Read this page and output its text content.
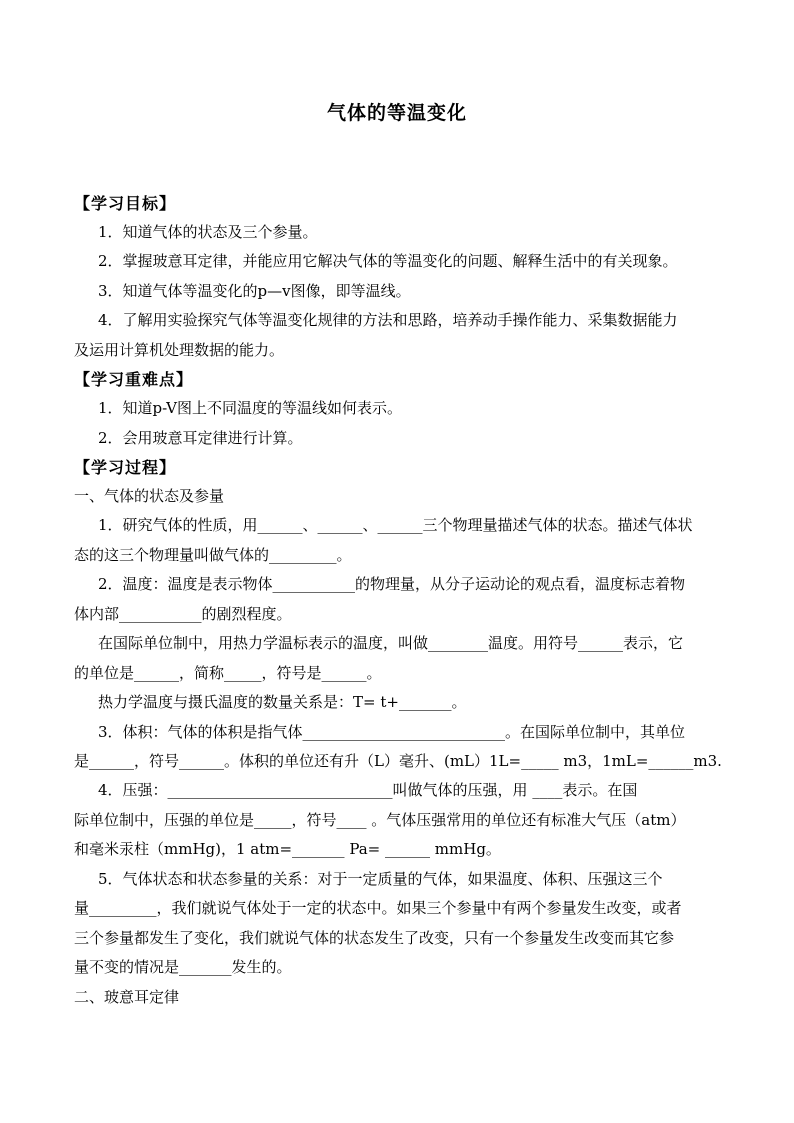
气体的等温变化
【学习目标】
1．知道气体的状态及三个参量。
2．掌握玻意耳定律，并能应用它解决气体的等温变化的问题、解释生活中的有关现象。
3．知道气体等温变化的p—v图像，即等温线。
4．了解用实验探究气体等温变化规律的方法和思路，培养动手操作能力、采集数据能力
及运用计算机处理数据的能力。
【学习重难点】
1．知道p-V图上不同温度的等温线如何表示。
2．会用玻意耳定律进行计算。
【学习过程】
一、气体的状态及参量
1．研究气体的性质，用______、______、______三个物理量描述气体的状态。描述气体状
态的这三个物理量叫做气体的_________。
2．温度：温度是表示物体___________的物理量，从分子运动论的观点看，温度标志着物
体内部___________的剧烈程度。
在国际单位制中，用热力学温标表示的温度，叫做________温度。用符号______表示，它
的单位是______，简称_____，符号是______。
热力学温度与摄氏温度的数量关系是：T= t+_______。
3．体积：气体的体积是指气体___________________________。在国际单位制中，其单位
是______，符号______。体积的单位还有升（L）毫升、(mL）1L=_____ m3，1mL=______m3.
4．压强：______________________________叫做气体的压强，用 ____表示。在国
际单位制中，压强的单位是_____，符号____ 。气体压强常用的单位还有标准大气压（atm）
和毫米汞柱（mmHg)，1 atm=_______ Pa= ______ mmHg。
5．气体状态和状态参量的关系：对于一定质量的气体，如果温度、体积、压强这三个
量_________，我们就说气体处于一定的状态中。如果三个参量中有两个参量发生改变，或者
三个参量都发生了变化，我们就说气体的状态发生了改变，只有一个参量发生改变而其它参
量不变的情况是_______发生的。
二、玻意耳定律
